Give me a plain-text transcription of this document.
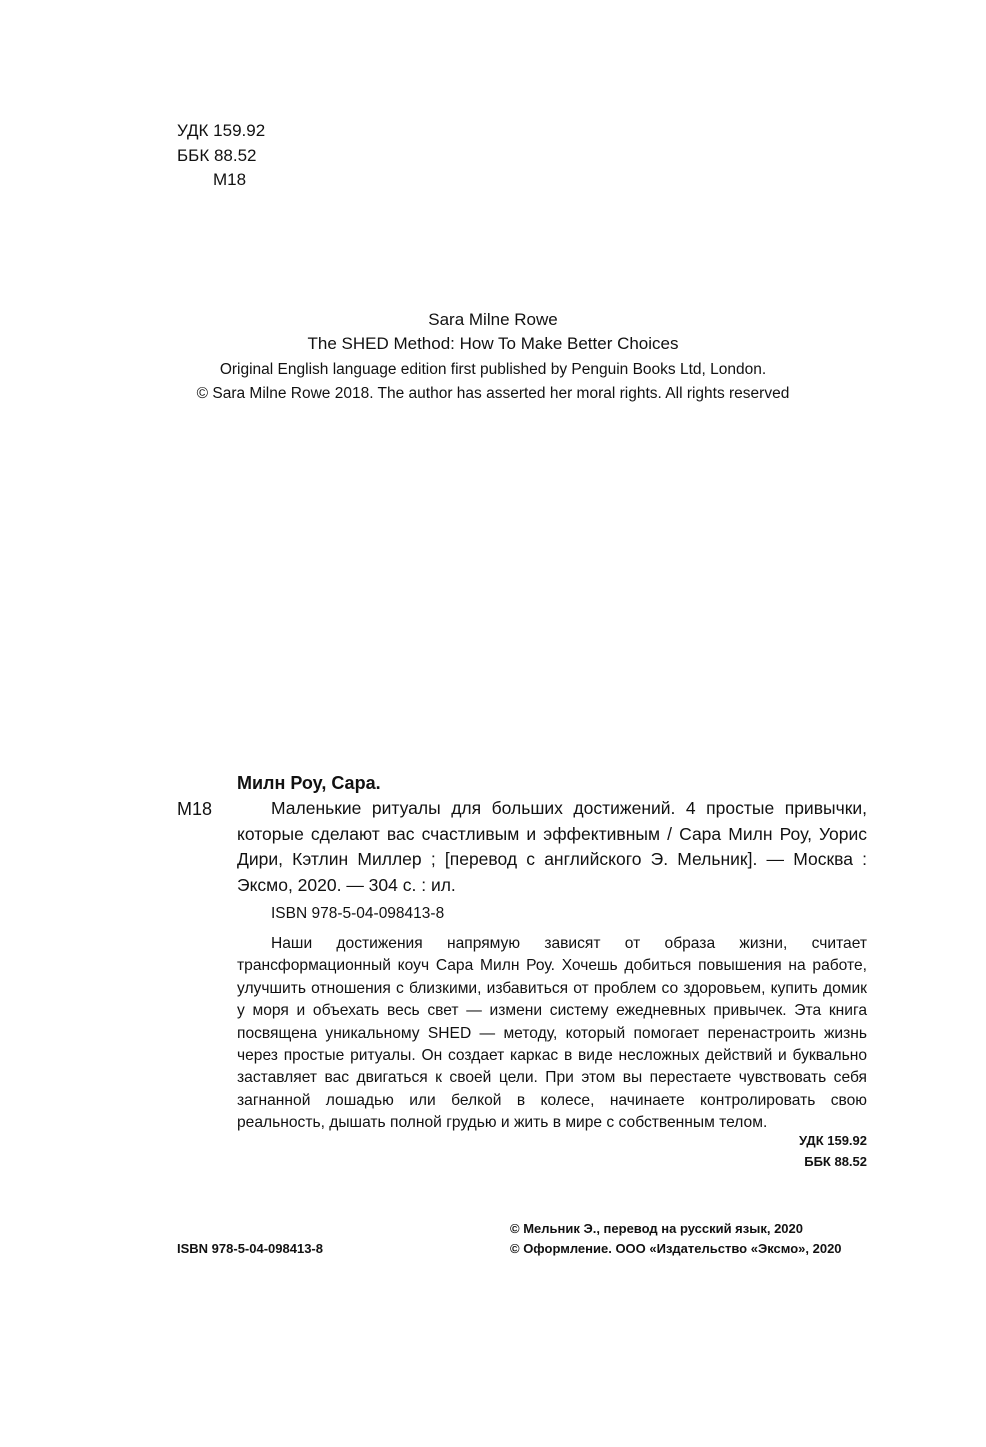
УДК 159.92
ББК 88.52
М18
Sara Milne Rowe
The SHED Method: How To Make Better Choices
Original English language edition first published by Penguin Books Ltd, London.
© Sara Milne Rowe 2018. The author has asserted her moral rights. All rights reserved
Милн Роу, Сара.
М18	Маленькие ритуалы для больших достижений. 4 простые привычки, которые сделают вас счастливым и эффективным / Сара Милн Роу, Уорис Дири, Кэтлин Миллер ; [перевод с английского Э. Мельник]. — Москва : Эксмо, 2020. — 304 с. : ил.
ISBN 978-5-04-098413-8
Наши достижения напрямую зависят от образа жизни, считает трансформационный коуч Сара Милн Роу. Хочешь добиться повышения на работе, улучшить отношения с близкими, избавиться от проблем со здоровьем, купить домик у моря и объехать весь свет — измени систему ежедневных привычек. Эта книга посвящена уникальному SHED — методу, который помогает перенастроить жизнь через простые ритуалы. Он создает каркас в виде несложных действий и буквально заставляет вас двигаться к своей цели. При этом вы перестаете чувствовать себя загнанной лошадью или белкой в колесе, начинаете контролировать свою реальность, дышать полной грудью и жить в мире с собственным телом.
УДК 159.92
ББК 88.52
ISBN 978-5-04-098413-8
© Мельник Э., перевод на русский язык, 2020
© Оформление. ООО «Издательство «Эксмо», 2020
